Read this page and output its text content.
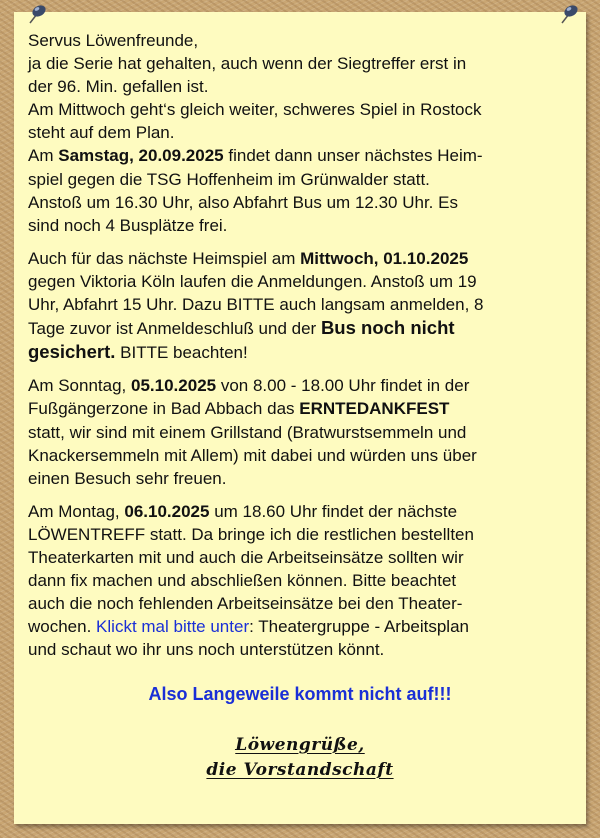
Servus Löwenfreunde,
ja die Serie hat gehalten, auch wenn der Siegtreffer erst in
der 96. Min. gefallen ist.
Am Mittwoch geht‘s gleich weiter, schweres Spiel in Rostock
steht auf dem Plan.
Am Samstag, 20.09.2025 findet dann unser nächstes Heim-
spiel gegen die TSG Hoffenheim im Grünwalder statt.
Anstoß um 16.30 Uhr, also Abfahrt Bus um 12.30 Uhr. Es
sind noch 4 Busplätze frei.
Auch für das nächste Heimspiel am Mittwoch, 01.10.2025
gegen Viktoria Köln laufen die Anmeldungen. Anstoß um 19
Uhr, Abfahrt 15 Uhr. Dazu BITTE auch langsam anmelden, 8
Tage zuvor ist Anmeldeschluß und der Bus noch nicht
gesichert. BITTE beachten!
Am Sonntag, 05.10.2025 von 8.00 - 18.00 Uhr findet in der
Fußgängerzone in Bad Abbach das ERNTEDANKFEST
statt, wir sind mit einem Grillstand (Bratwurstsemmeln und
Knackersemmeln mit Allem) mit dabei und würden uns über
einen Besuch sehr freuen.
Am Montag, 06.10.2025 um 18.60 Uhr findet der nächste
LÖWENTREFF statt. Da bringe ich die restlichen bestellten
Theaterkarten mit und auch die Arbeitseinsätze sollten wir
dann fix machen und abschließen können. Bitte beachtet
auch die noch fehlenden Arbeitseinsätze bei den Theater-
wochen. Klickt mal bitte unter: Theatergruppe - Arbeitsplan
und schaut wo ihr uns noch unterstützen könnt.
Also Langeweile kommt nicht auf!!!
Löwengrüße,
die Vorstandschaft
